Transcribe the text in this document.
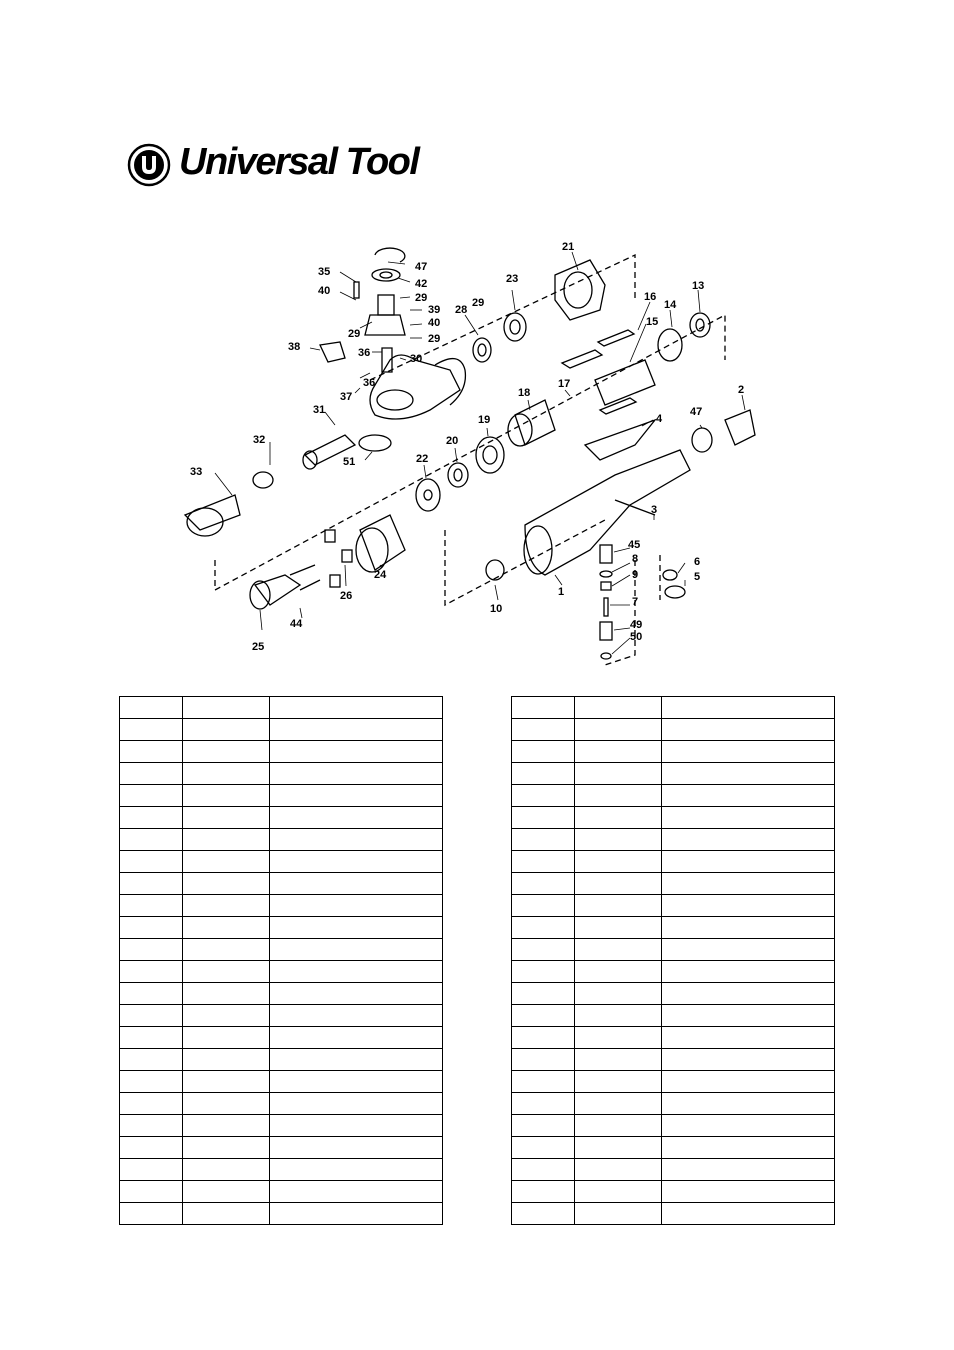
Universal Tool
47
42
35
40
29
39
40
29
29
38	36	30
36
37
31
32
33
51
28
29
23
21
16
15
14
13
17
18
19
20
22
4
47
2
3
45
8
9
7
49
50
6
5
10
1
24
26
44
25
